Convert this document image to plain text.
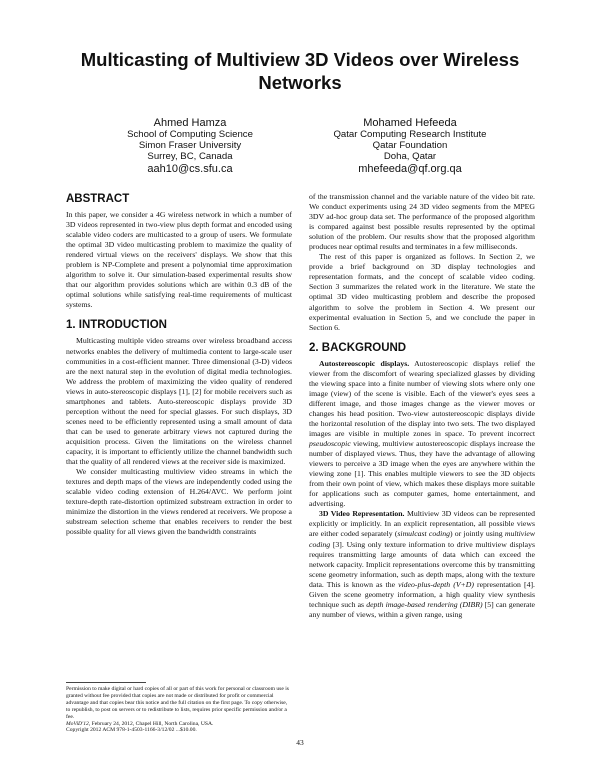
Multicasting of Multiview 3D Videos over Wireless Networks
Ahmed Hamza
School of Computing Science
Simon Fraser University
Surrey, BC, Canada
aah10@cs.sfu.ca
Mohamed Hefeeda
Qatar Computing Research Institute
Qatar Foundation
Doha, Qatar
mhefeeda@qf.org.qa
ABSTRACT

In this paper, we consider a 4G wireless network in which a number of 3D videos represented in two-view plus depth format and encoded using scalable video coders are multicasted to a group of users. We formulate the optimal 3D video multicasting problem to maximize the quality of rendered virtual views on the receivers' displays. We show that this problem is NP-Complete and present a polynomial time approximation algorithm to solve it. Our simulation-based experimental results show that our algorithm provides solutions which are within 0.3 dB of the optimal solutions while satisfying real-time requirements of multicast systems.

1. INTRODUCTION

Multicasting multiple video streams over wireless broadband access networks enables the delivery of multimedia content to large-scale user communities in a cost-efficient manner. Three dimensional (3-D) videos are the next natural step in the evolution of digital media technologies. We address the problem of maximizing the video quality of rendered views in auto-stereoscopic displays [1], [2] for mobile receivers such as smartphones and tablets. Auto-stereoscopic displays provide 3D perception without the need for special glasses. For such displays, 3D scenes need to be efficiently represented using a small amount of data that can be used to generate arbitrary views not captured during the acquisition process. Given the limitations on the wireless channel capacity, it is important to efficiently utilize the channel bandwidth such that the quality of all rendered views at the receiver side is maximized.

We consider multicasting multiview video streams in which the textures and depth maps of the views are independently coded using the scalable video coding extension of H.264/AVC. We perform joint texture-depth rate-distortion optimized substream extraction in order to minimize the distortion in the views rendered at receivers. We propose a substream selection scheme that enables receivers to render the best possible quality for all views given the bandwidth constraints

of the transmission channel and the variable nature of the video bit rate. We conduct experiments using 24 3D video segments from the MPEG 3DV ad-hoc group data set. The performance of the proposed algorithm is compared against best possible results represented by the optimal solution of the problem. Our results show that the proposed algorithm produces near optimal results and terminates in a few milliseconds.

The rest of this paper is organized as follows. In Section 2, we provide a brief background on 3D display technologies and representation formats, and the concept of scalable video coding. Section 3 summarizes the related work in the literature. We state the optimal 3D video multicasting problem and describe the proposed algorithm to solve the problem in Section 4. We present our experimental evaluation in Section 5, and we conclude the paper in Section 6.

2. BACKGROUND

Autostereoscopic displays. Autostereoscopic displays relief the viewer from the discomfort of wearing specialized glasses by dividing the viewing space into a finite number of viewing slots where only one image (view) of the scene is visible. Each of the viewer's eyes sees a different image, and those images change as the viewer moves or changes his head position. Two-view autostereoscopic displays divide the horizontal resolution of the display into two sets. The two displayed images are visible in multiple zones in space. To prevent incorrect pseudoscopic viewing, multiview autostereoscopic displays increase the number of displayed views. Thus, they have the advantage of allowing viewers to perceive a 3D image when the eyes are anywhere within the viewing zone [1]. This enables multiple viewers to see the 3D objects from their own point of view, which makes these displays more suitable for applications such as computer games, home entertainment, and advertising.

3D Video Representation. Multiview 3D videos can be represented explicitly or implicitly. In an explicit representation, all possible views are either coded separately (simulcast coding) or jointly using multiview coding [3]. Using only texture information to drive multiview displays requires transmitting large amounts of data which can exceed the network capacity. Implicit representations overcome this by transmitting scene geometry information, such as depth maps, along with the texture data. This is known as the video-plus-depth (V+D) representation [4]. Given the scene geometry information, a high quality view synthesis technique such as depth image-based rendering (DIBR) [5] can generate any number of views, within a given range, using

Permission to make digital or hard copies of all or part of this work for personal or classroom use is granted without fee provided that copies are not made or distributed for profit or commercial advantage and that copies bear this notice and the full citation on the first page. To copy otherwise, to republish, to post on servers or to redistribute to lists, requires prior specific permission and/or a fee.

MoViD'12, February 24, 2012, Chapel Hill, North Carolina, USA.

Copyright 2012 ACM 978-1-4503-1166-3/12/02 ...$10.00.

43
